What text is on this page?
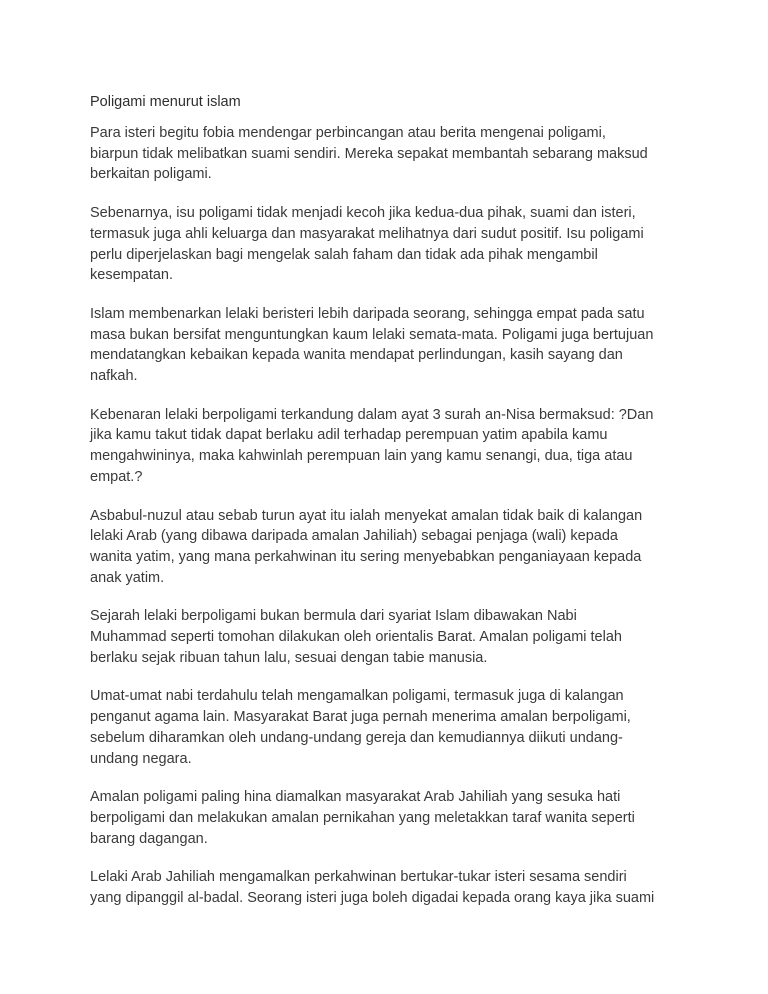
Poligami menurut islam
Para isteri begitu fobia mendengar perbincangan atau berita mengenai poligami,
biarpun tidak melibatkan suami sendiri. Mereka sepakat membantah sebarang maksud
berkaitan poligami.
Sebenarnya, isu poligami tidak menjadi kecoh jika kedua-dua pihak, suami dan isteri,
termasuk juga ahli keluarga dan masyarakat melihatnya dari sudut positif. Isu poligami
perlu diperjelaskan bagi mengelak salah faham dan tidak ada pihak mengambil
kesempatan.
Islam membenarkan lelaki beristeri lebih daripada seorang, sehingga empat pada satu
masa bukan bersifat menguntungkan kaum lelaki semata-mata. Poligami juga bertujuan
mendatangkan kebaikan kepada wanita mendapat perlindungan, kasih sayang dan
nafkah.
Kebenaran lelaki berpoligami terkandung dalam ayat 3 surah an-Nisa bermaksud: ?Dan
jika kamu takut tidak dapat berlaku adil terhadap perempuan yatim apabila kamu
mengahwininya, maka kahwinlah perempuan lain yang kamu senangi, dua, tiga atau
empat.?
Asbabul-nuzul atau sebab turun ayat itu ialah menyekat amalan tidak baik di kalangan
lelaki Arab (yang dibawa daripada amalan Jahiliah) sebagai penjaga (wali) kepada
wanita yatim, yang mana perkahwinan itu sering menyebabkan penganiayaan kepada
anak yatim.
Sejarah lelaki berpoligami bukan bermula dari syariat Islam dibawakan Nabi
Muhammad seperti tomohan dilakukan oleh orientalis Barat. Amalan poligami telah
berlaku sejak ribuan tahun lalu, sesuai dengan tabie manusia.
Umat-umat nabi terdahulu telah mengamalkan poligami, termasuk juga di kalangan
penganut agama lain. Masyarakat Barat juga pernah menerima amalan berpoligami,
sebelum diharamkan oleh undang-undang gereja dan kemudiannya diikuti undang-
undang negara.
Amalan poligami paling hina diamalkan masyarakat Arab Jahiliah yang sesuka hati
berpoligami dan melakukan amalan pernikahan yang meletakkan taraf wanita seperti
barang dagangan.
Lelaki Arab Jahiliah mengamalkan perkahwinan bertukar-tukar isteri sesama sendiri
yang dipanggil al-badal. Seorang isteri juga boleh digadai kepada orang kaya jika suami
